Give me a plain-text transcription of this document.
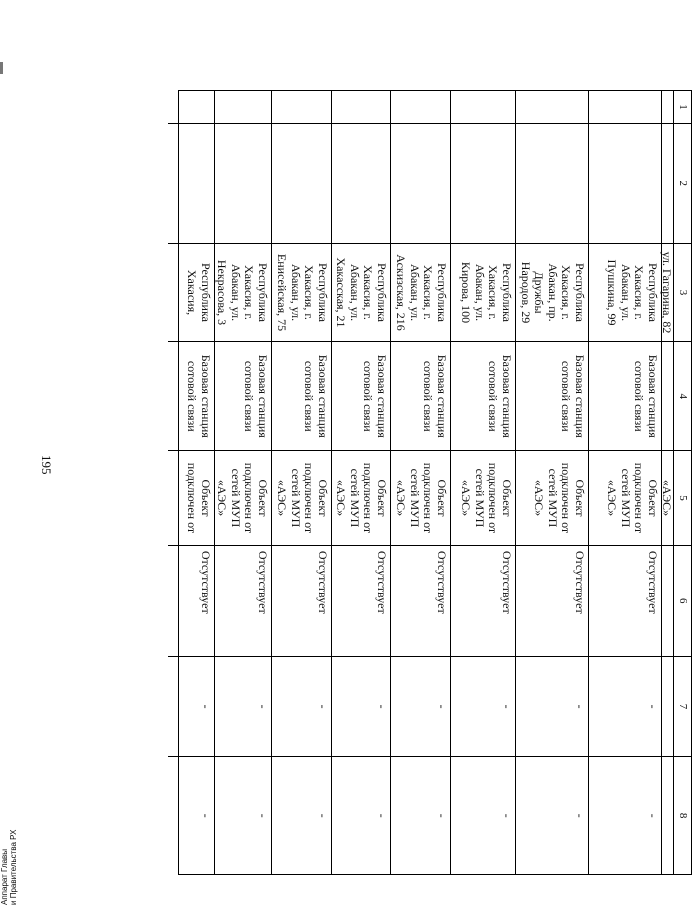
195
Аппарат Главы и Правительства РХ
1
2
3
4
5
6
7
8
ул. Гагарина, 82
«АЭС»
Республика Хакасия, г. Абакан, ул. Пушкина, 99
Базовая станция сотовой связи
Объект подключен от сетей МУП «АЭС»
Отсутствует
-
-
Республика Хакасия, г. Абакан, пр. Дружбы Народов, 29
Базовая станция сотовой связи
Объект подключен от сетей МУП «АЭС»
Отсутствует
-
-
Республика Хакасия, г. Абакан, ул. Кирова, 100
Базовая станция сотовой связи
Объект подключен от сетей МУП «АЭС»
Отсутствует
-
-
Республика Хакасия, г. Абакан, ул. Аскизская, 216
Базовая станция сотовой связи
Объект подключен от сетей МУП «АЭС»
Отсутствует
-
-
Республика Хакасия, г. Абакан, ул. Хакасская, 21
Базовая станция сотовой связи
Объект подключен от сетей МУП «АЭС»
Отсутствует
-
-
Республика Хакасия, г. Абакан, ул. Енисейская, 75
Базовая станция сотовой связи
Объект подключен от сетей МУП «АЭС»
Отсутствует
-
-
Республика Хакасия, г. Абакан, ул. Некрасова, 3
Базовая станция сотовой связи
Объект подключен от сетей МУП «АЭС»
Отсутствует
-
-
Республика Хакасия,
Базовая станция сотовой связи
Объект подключен от
Отсутствует
-
-
